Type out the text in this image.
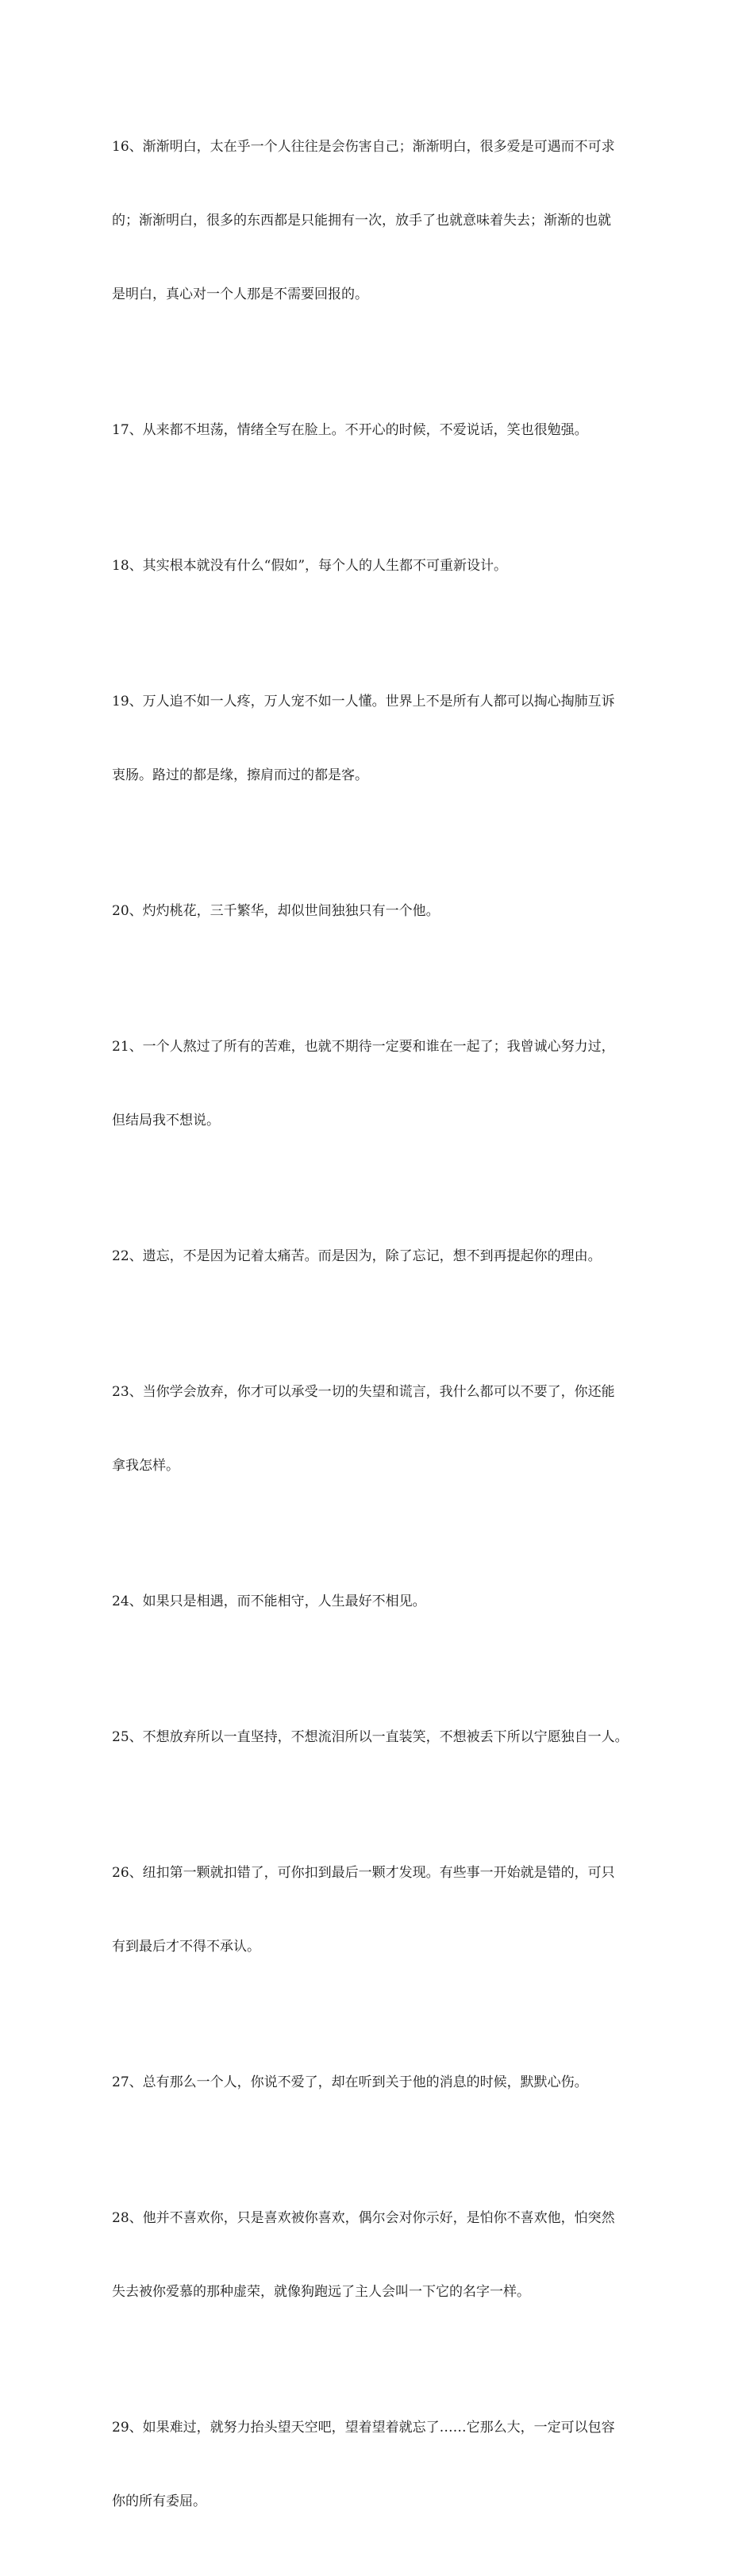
16、渐渐明白，太在乎一个人往往是会伤害自己；渐渐明白，很多爱是可遇而不可求

的；渐渐明白，很多的东西都是只能拥有一次，放手了也就意味着失去；渐渐的也就

是明白，真心对一个人那是不需要回报的。

17、从来都不坦荡，情绪全写在脸上。不开心的时候，不爱说话，笑也很勉强。

18、其实根本就没有什么“假如”，每个人的人生都不可重新设计。

19、万人追不如一人疼，万人宠不如一人懂。世界上不是所有人都可以掏心掏肺互诉

衷肠。路过的都是缘，擦肩而过的都是客。

20、灼灼桃花，三千繁华，却似世间独独只有一个他。

21、一个人熬过了所有的苦难，也就不期待一定要和谁在一起了；我曾诚心努力过，

但结局我不想说。

22、遗忘，不是因为记着太痛苦。而是因为，除了忘记，想不到再提起你的理由。

23、当你学会放弃，你才可以承受一切的失望和谎言，我什么都可以不要了，你还能

拿我怎样。

24、如果只是相遇，而不能相守，人生最好不相见。

25、不想放弃所以一直坚持，不想流泪所以一直装笑，不想被丢下所以宁愿独自一人。

26、纽扣第一颗就扣错了，可你扣到最后一颗才发现。有些事一开始就是错的，可只

有到最后才不得不承认。

27、总有那么一个人，你说不爱了，却在听到关于他的消息的时候，默默心伤。

28、他并不喜欢你，只是喜欢被你喜欢，偶尔会对你示好，是怕你不喜欢他，怕突然

失去被你爱慕的那种虚荣，就像狗跑远了主人会叫一下它的名字一样。

29、如果难过，就努力抬头望天空吧，望着望着就忘了……它那么大，一定可以包容

你的所有委屈。
